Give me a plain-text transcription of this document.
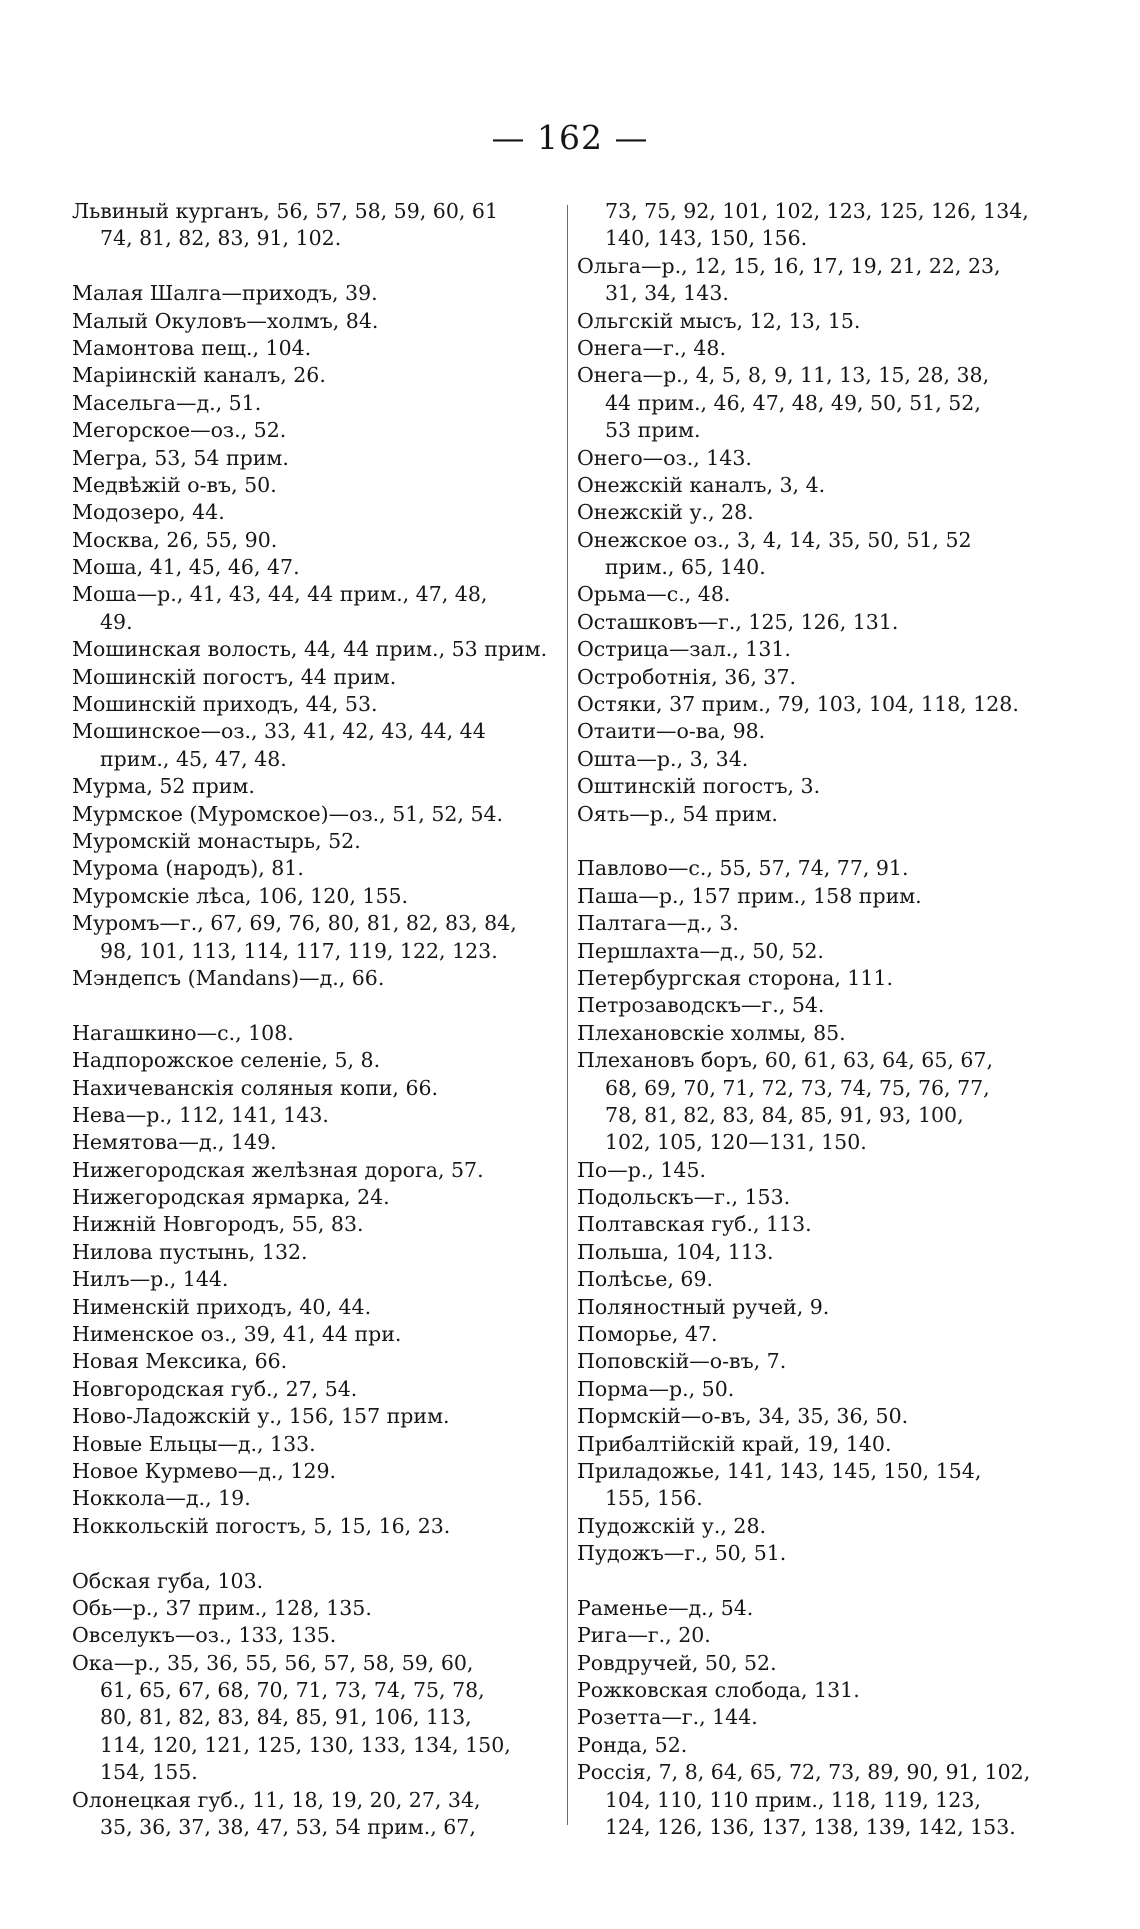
— 162 —
Львиный курганъ, 56, 57, 58, 59, 60, 61
74, 81, 82, 83, 91, 102.
Малая Шалга—приходъ, 39.
Малый Окуловъ—холмъ, 84.
Мамонтова пещ., 104.
Маріинскій каналъ, 26.
Масельга—д., 51.
Мегорское—оз., 52.
Мегра, 53, 54 прим.
Медвѣжій о-въ, 50.
Модозеро, 44.
Москва, 26, 55, 90.
Моша, 41, 45, 46, 47.
Моша—р., 41, 43, 44, 44 прим., 47, 48,
49.
Мошинская волость, 44, 44 прим., 53 прим.
Мошинскій погостъ, 44 прим.
Мошинскій приходъ, 44, 53.
Мошинское—оз., 33, 41, 42, 43, 44, 44
прим., 45, 47, 48.
Мурма, 52 прим.
Мурмское (Муромское)—оз., 51, 52, 54.
Муромскій монастырь, 52.
Мурома (народъ), 81.
Муромскіе лѣса, 106, 120, 155.
Муромъ—г., 67, 69, 76, 80, 81, 82, 83, 84,
98, 101, 113, 114, 117, 119, 122, 123.
Мэндепсъ (Mandans)—д., 66.
Нагашкино—с., 108.
Надпорожское селеніе, 5, 8.
Нахичеванскія соляныя копи, 66.
Нева—р., 112, 141, 143.
Немятова—д., 149.
Нижегородская желѣзная дорога, 57.
Нижегородская ярмарка, 24.
Нижній Новгородъ, 55, 83.
Нилова пустынь, 132.
Нилъ—р., 144.
Нименскій приходъ, 40, 44.
Нименское оз., 39, 41, 44 при.
Новая Мексика, 66.
Новгородская губ., 27, 54.
Ново-Ладожскій у., 156, 157 прим.
Новые Ельцы—д., 133.
Новое Курмево—д., 129.
Ноккола—д., 19.
Ноккольскій погостъ, 5, 15, 16, 23.
Обская губа, 103.
Обь—р., 37 прим., 128, 135.
Овселукъ—оз., 133, 135.
Ока—р., 35, 36, 55, 56, 57, 58, 59, 60,
61, 65, 67, 68, 70, 71, 73, 74, 75, 78,
80, 81, 82, 83, 84, 85, 91, 106, 113,
114, 120, 121, 125, 130, 133, 134, 150,
154, 155.
Олонецкая губ., 11, 18, 19, 20, 27, 34,
35, 36, 37, 38, 47, 53, 54 прим., 67,
73, 75, 92, 101, 102, 123, 125, 126, 134,
140, 143, 150, 156.
Ольга—р., 12, 15, 16, 17, 19, 21, 22, 23,
31, 34, 143.
Ольгскій мысъ, 12, 13, 15.
Онега—г., 48.
Онега—р., 4, 5, 8, 9, 11, 13, 15, 28, 38,
44 прим., 46, 47, 48, 49, 50, 51, 52,
53 прим.
Онего—оз., 143.
Онежскій каналъ, 3, 4.
Онежскій у., 28.
Онежское оз., 3, 4, 14, 35, 50, 51, 52
прим., 65, 140.
Орьма—с., 48.
Осташковъ—г., 125, 126, 131.
Острица—зал., 131.
Остроботнія, 36, 37.
Остяки, 37 прим., 79, 103, 104, 118, 128.
Отаити—о-ва, 98.
Ошта—р., 3, 34.
Оштинскій погостъ, 3.
Оять—р., 54 прим.
Павлово—с., 55, 57, 74, 77, 91.
Паша—р., 157 прим., 158 прим.
Палтага—д., 3.
Першлахта—д., 50, 52.
Петербургская сторона, 111.
Петрозаводскъ—г., 54.
Плехановскіе холмы, 85.
Плехановъ боръ, 60, 61, 63, 64, 65, 67,
68, 69, 70, 71, 72, 73, 74, 75, 76, 77,
78, 81, 82, 83, 84, 85, 91, 93, 100,
102, 105, 120—131, 150.
По—р., 145.
Подольскъ—г., 153.
Полтавская губ., 113.
Польша, 104, 113.
Полѣсье, 69.
Поляностный ручей, 9.
Поморье, 47.
Поповскій—о-въ, 7.
Порма—р., 50.
Пормскій—о-въ, 34, 35, 36, 50.
Прибалтійскій край, 19, 140.
Приладожье, 141, 143, 145, 150, 154,
155, 156.
Пудожскій у., 28.
Пудожъ—г., 50, 51.
Раменье—д., 54.
Рига—г., 20.
Ровдручей, 50, 52.
Рожковская слобода, 131.
Розетта—г., 144.
Ронда, 52.
Россія, 7, 8, 64, 65, 72, 73, 89, 90, 91, 102,
104, 110, 110 прим., 118, 119, 123,
124, 126, 136, 137, 138, 139, 142, 153.
